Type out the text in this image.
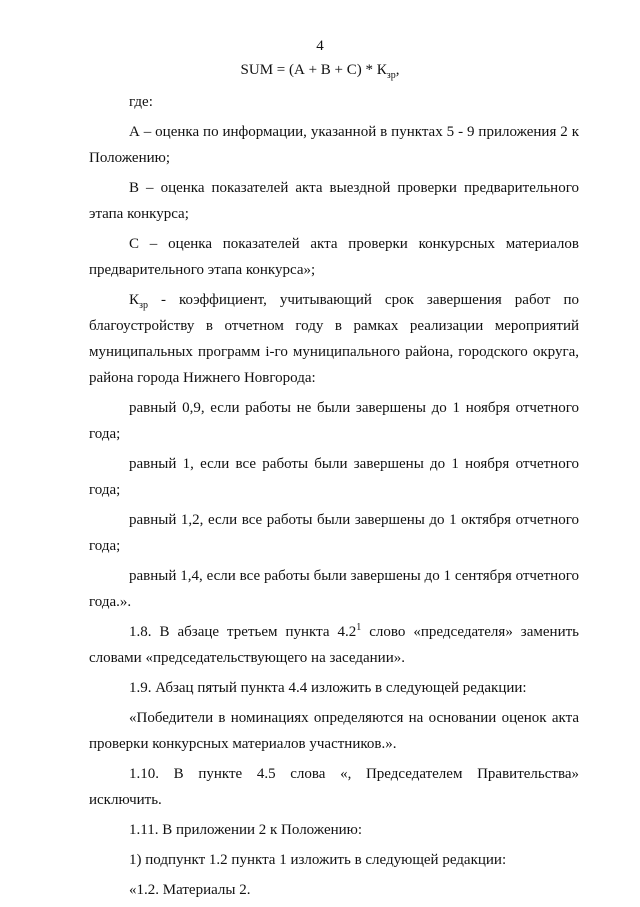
4
SUM = $(А + В + С) * К_{зр}$,

где:

А – оценка по информации, указанной в пунктах 5 - 9 приложения 2 к Положению;

В – оценка показателей акта выездной проверки предварительного этапа конкурса;

С – оценка показателей акта проверки конкурсных материалов предварительного этапа конкурса»;

$К_{зр}$ - коэффициент, учитывающий срок завершения работ по благоустройству в отчетном году в рамках реализации мероприятий муниципальных программ i-го муниципального района, городского округа, района города Нижнего Новгорода:

равный 0,9, если работы не были завершены до 1 ноября отчетного года;

равный 1, если все работы были завершены до 1 ноября отчетного года;

равный 1,2, если все работы были завершены до 1 октября отчетного года;

равный 1,4, если все работы были завершены до 1 сентября отчетного года.».

1.8. В абзаце третьем пункта $4.2^1$ слово «председателя» заменить словами «председательствующего на заседании».

1.9. Абзац пятый пункта 4.4 изложить в следующей редакции:

«Победители в номинациях определяются на основании оценок акта проверки конкурсных материалов участников.».

1.10. В пункте 4.5 слова «, Председателем Правительства» исключить.

1.11. В приложении 2 к Положению:

1) подпункт 1.2 пункта 1 изложить в следующей редакции:

«1.2. Материалы 2.
